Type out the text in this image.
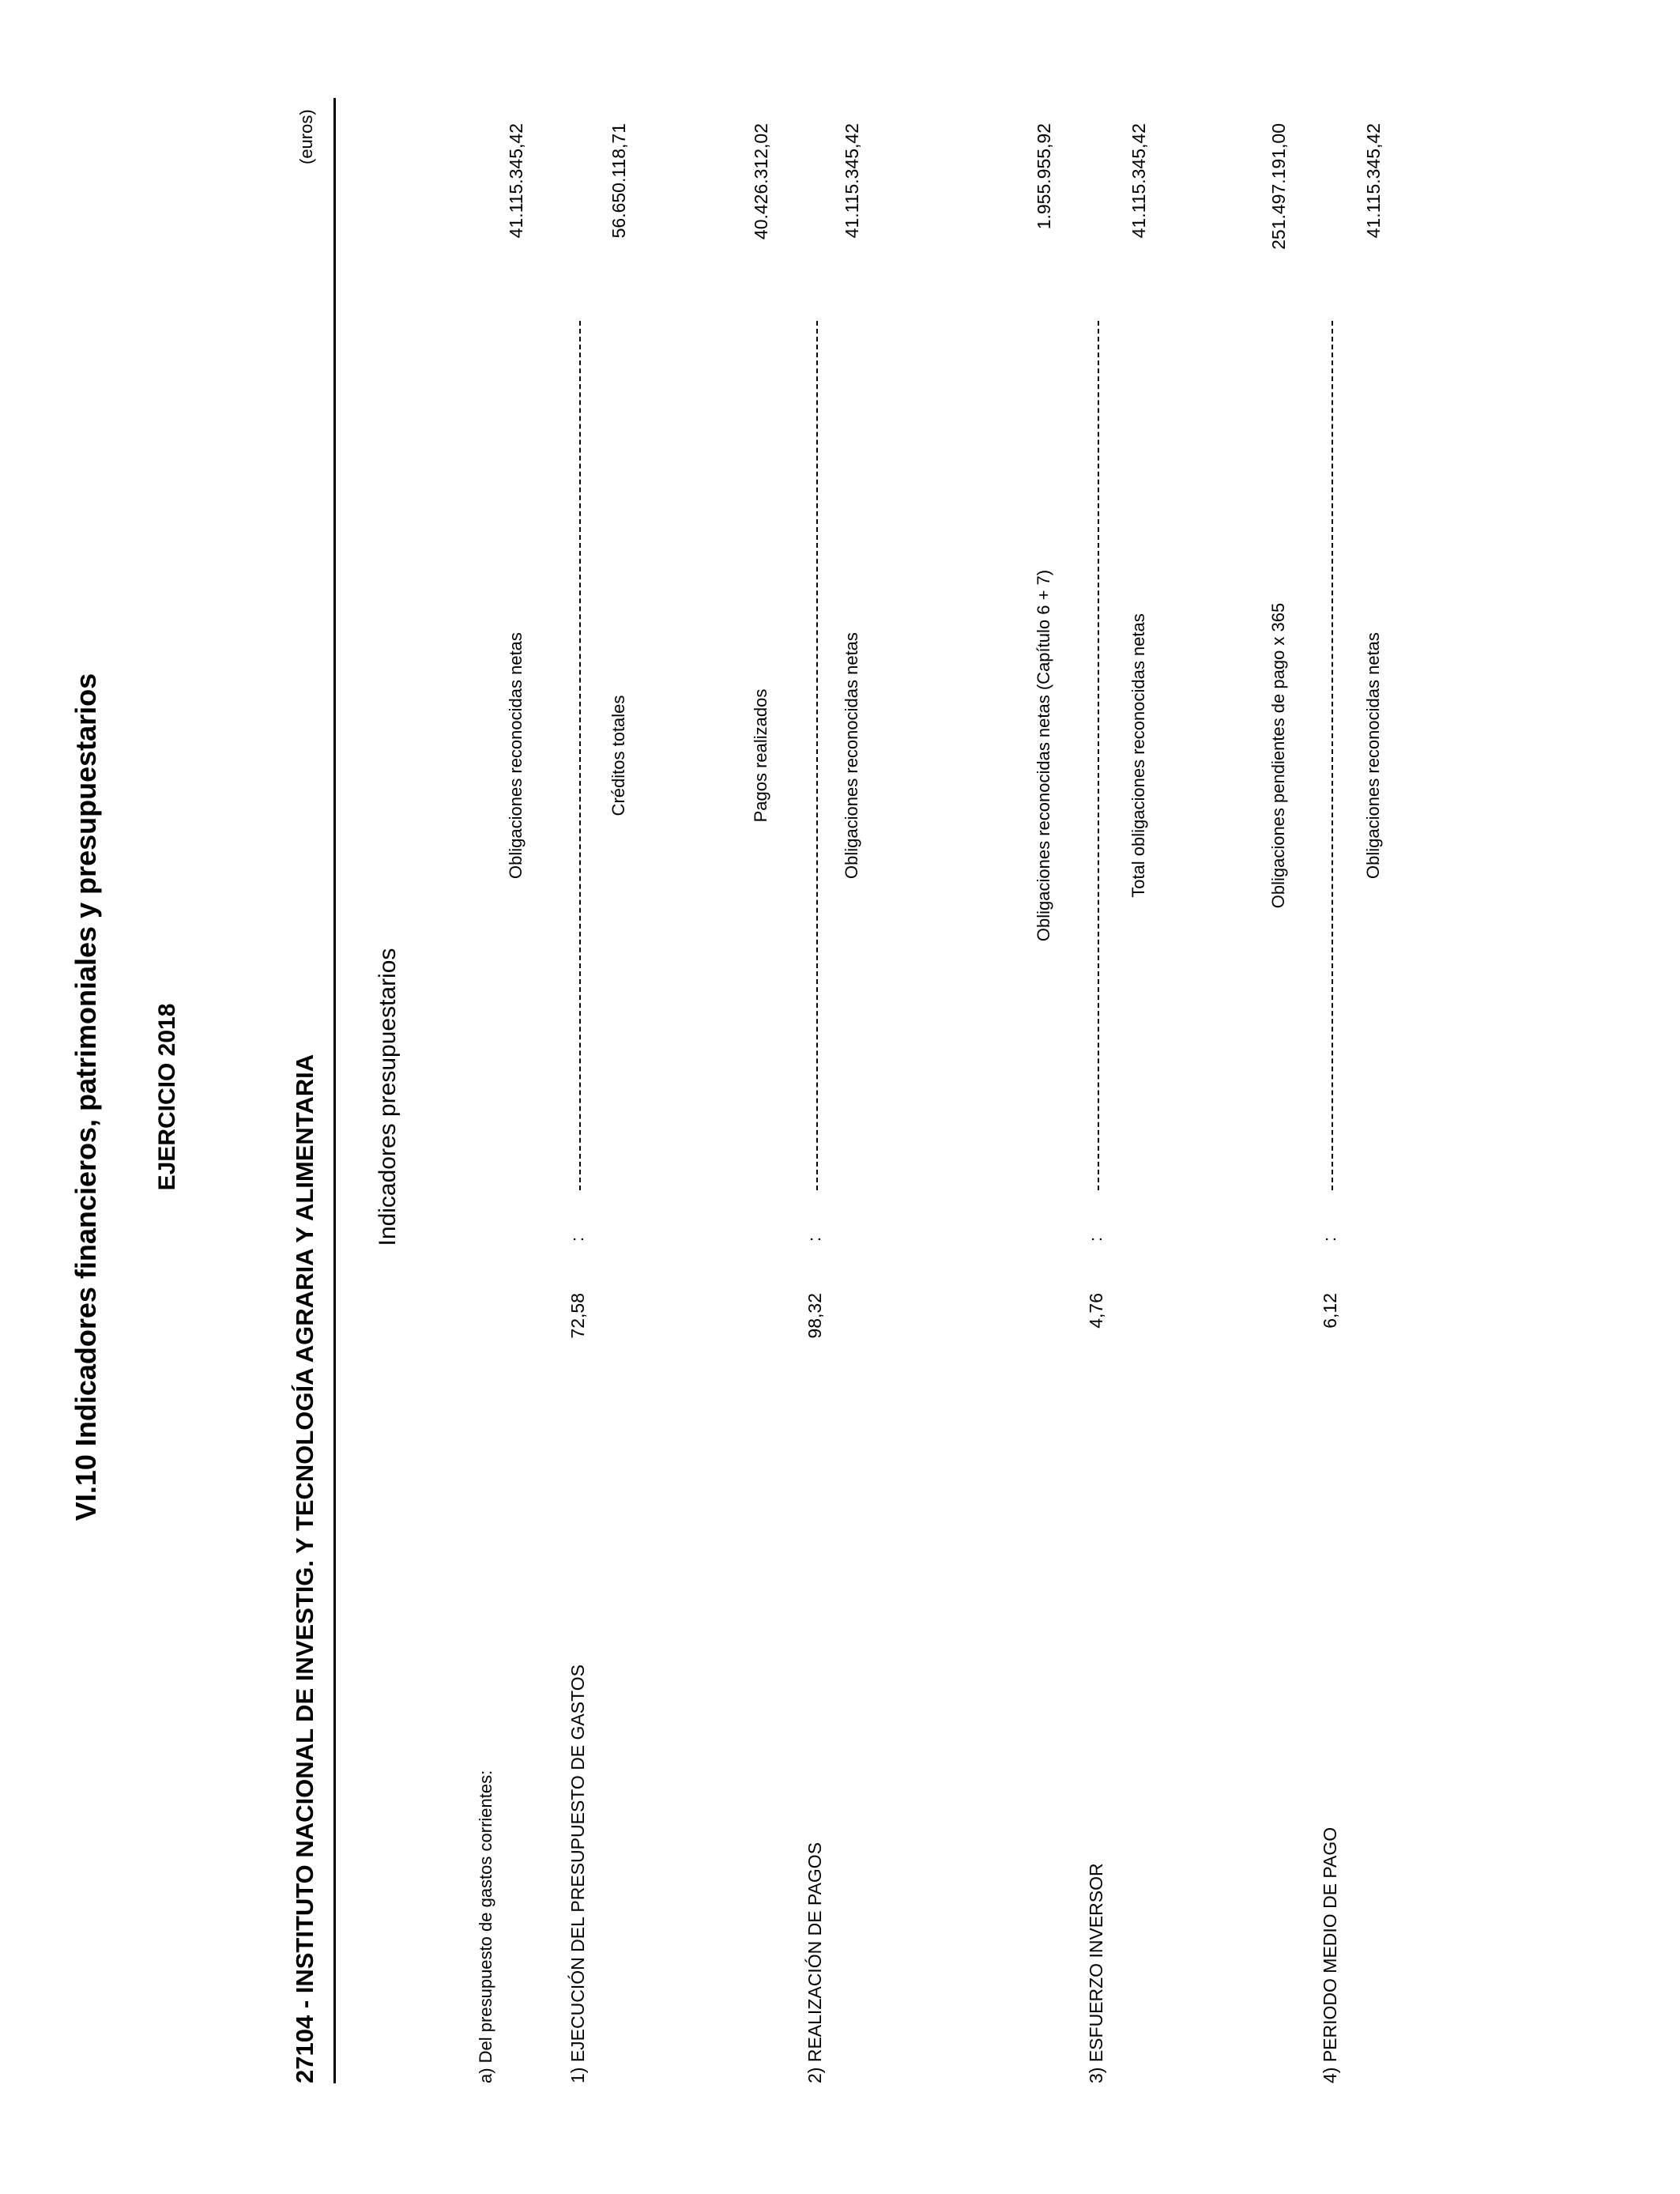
VI.10 Indicadores financieros, patrimoniales y presupuestarios EJERCICIO 2018	27104 - INSTITUTO NACIONAL DE INVESTIG. Y TECNOLOGÍA AGRARIA Y ALIMENTARIA
(euros)
Indicadores presupuestarios
a) Del presupuesto de gastos corrientes:
Obligaciones reconocidas netas
41.115.345,42
1) EJECUCIÓN DEL PRESUPUESTO DE GASTOS
72,58
:
Créditos totales
56.650.118,71
Pagos realizados
40.426.312,02
2) REALIZACIÓN DE PAGOS
98,32
:
Obligaciones reconocidas netas
41.115.345,42
Obligaciones reconocidas netas (Capítulo 6 + 7)
1.955.955,92
3) ESFUERZO INVERSOR
4,76
:
Total obligaciones reconocidas netas
41.115.345,42
Obligaciones pendientes de pago x 365
251.497.191,00
4) PERIODO MEDIO DE PAGO
6,12
:
Obligaciones reconocidas netas
41.115.345,42
